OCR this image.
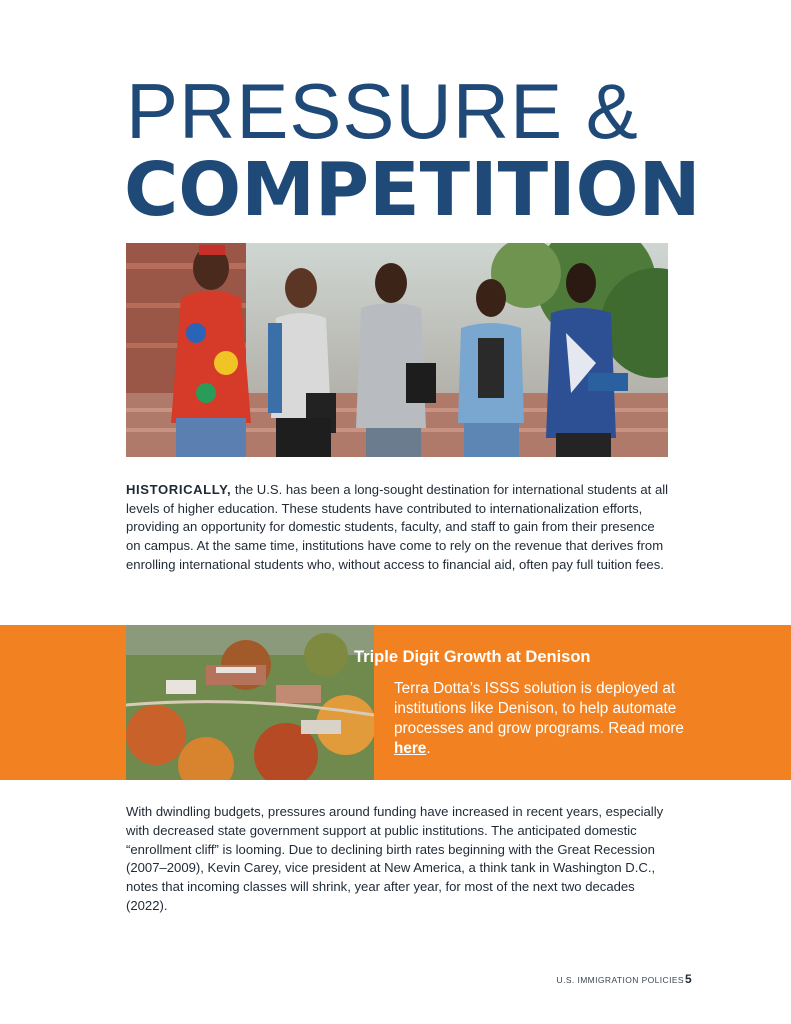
PRESSURE &
COMPETITION

HISTORICALLY, the U.S. has been a long-sought destination for international students at all levels of higher education. These students have contributed to internationalization efforts, providing an opportunity for domestic students, faculty, and staff to gain from their presence on campus. At the same time, institutions have come to rely on the revenue that derives from enrolling international students who, without access to financial aid, often pay full tuition fees.

Triple Digit Growth at Denison

Terra Dotta’s ISSS solution is deployed at institutions like Denison, to help automate processes and grow programs. Read more here.

With dwindling budgets, pressures around funding have increased in recent years, especially with decreased state government support at public institutions. The anticipated domestic “enrollment cliff” is looming. Due to declining birth rates beginning with the Great Recession (2007–2009), Kevin Carey, vice president at New America, a think tank in Washington D.C., notes that incoming classes will shrink, year after year, for most of the next two decades (2022).

U.S. IMMIGRATION POLICIES 5
